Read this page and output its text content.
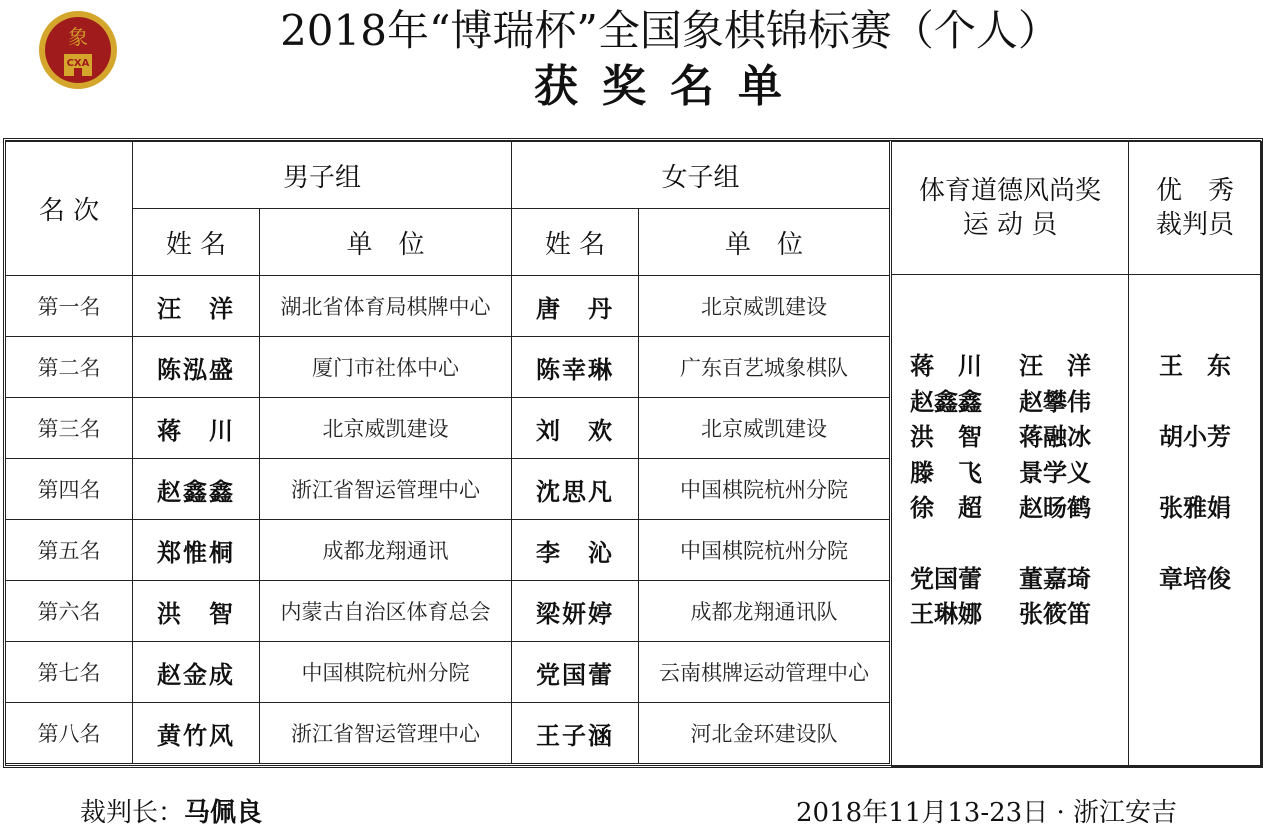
象
CXA
2018年“博瑞杯”全国象棋锦标赛（个人）
获奖名单
名 次	男子组		女子组	
	姓 名	单　位	姓 名	单　位
第一名	汪　洋	湖北省体育局棋牌中心	唐　丹	北京威凯建设
第二名	陈泓盛	厦门市社体中心	陈幸琳	广东百艺城象棋队
第三名	蒋　川	北京威凯建设	刘　欢	北京威凯建设
第四名	赵鑫鑫	浙江省智运管理中心	沈思凡	中国棋院杭州分院
第五名	郑惟桐	成都龙翔通讯	李　沁	中国棋院杭州分院
第六名	洪　智	内蒙古自治区体育总会	梁妍婷	成都龙翔通讯队
第七名	赵金成	中国棋院杭州分院	党国蕾	云南棋牌运动管理中心
第八名	黄竹风	浙江省智运管理中心	王子涵	河北金环建设队
体育道德风尚奖
运 动 员

优　秀
裁判员

蒋　川	汪　洋
赵鑫鑫	赵攀伟
洪　智	蒋融冰
滕　飞	景学义
徐　超	赵旸鹤
党国蕾	董嘉琦
王琳娜	张筱笛

王　东
胡小芳
张雅娟
章培俊
裁判长：马佩良	2018年11月13-23日 · 浙江安吉
